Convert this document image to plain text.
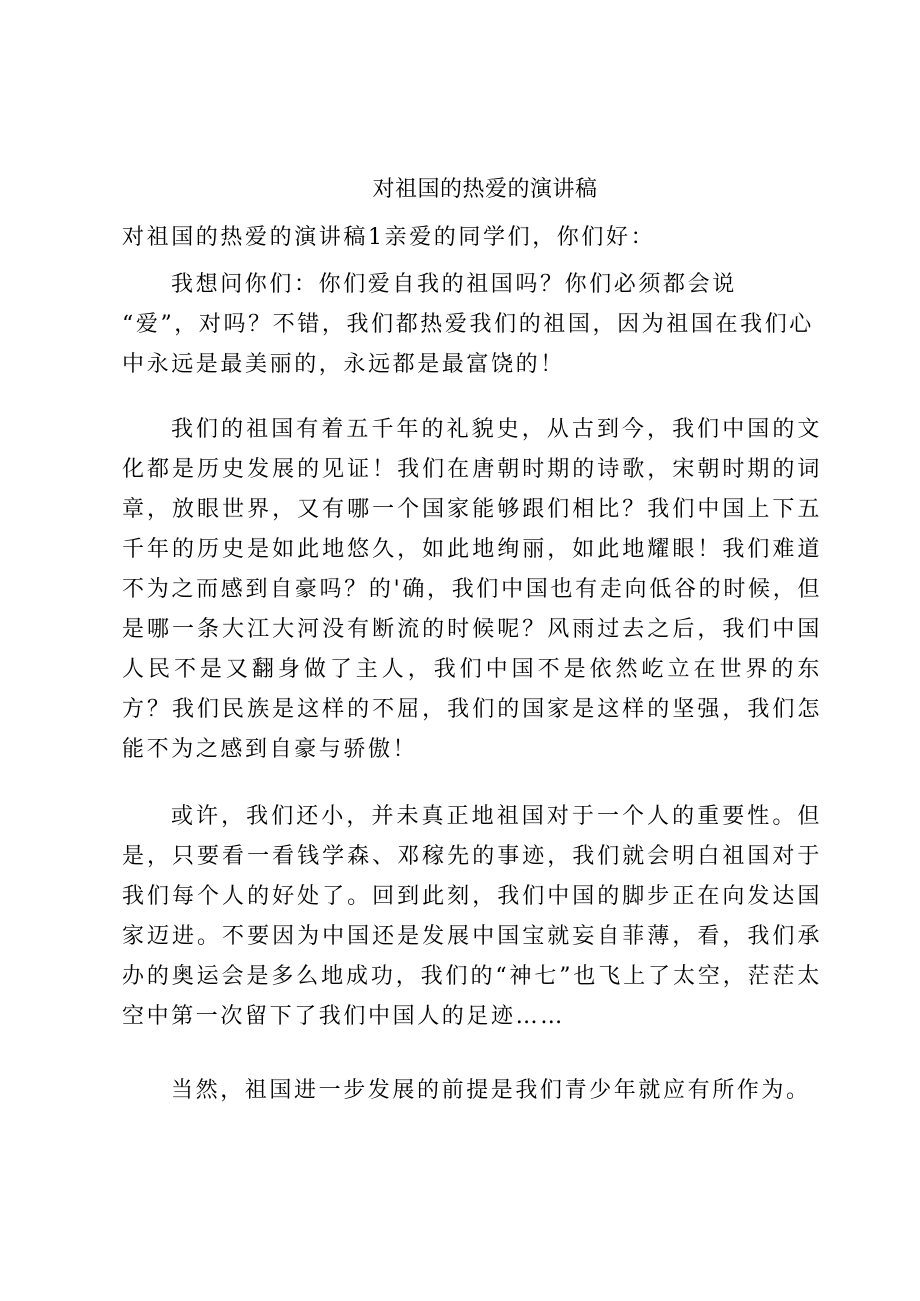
对祖国的热爱的演讲稿
对祖国的热爱的演讲稿1亲爱的同学们，你们好：
我想问你们：你们爱自我的祖国吗？你们必须都会说
“爱”，对吗？不错，我们都热爱我们的祖国，因为祖国在我们心中永远是最美丽的，永远都是最富饶的！

我们的祖国有着五千年的礼貌史，从古到今，我们中国的文化都是历史发展的见证！我们在唐朝时期的诗歌，宋朝时期的词章，放眼世界，又有哪一个国家能够跟们相比？我们中国上下五千年的历史是如此地悠久，如此地绚丽，如此地耀眼！我们难道不为之而感到自豪吗？的'确，我们中国也有走向低谷的时候，但是哪一条大江大河没有断流的时候呢？风雨过去之后，我们中国人民不是又翻身做了主人，我们中国不是依然屹立在世界的东方？我们民族是这样的不屈，我们的国家是这样的坚强，我们怎能不为之感到自豪与骄傲！

或许，我们还小，并未真正地祖国对于一个人的重要性。但是，只要看一看钱学森、邓稼先的事迹，我们就会明白祖国对于我们每个人的好处了。回到此刻，我们中国的脚步正在向发达国家迈进。不要因为中国还是发展中国宝就妄自菲薄，看，我们承办的奥运会是多么地成功，我们的“神七”也飞上了太空，茫茫太空中第一次留下了我们中国人的足迹……

当然，祖国进一步发展的前提是我们青少年就应有所作为。
